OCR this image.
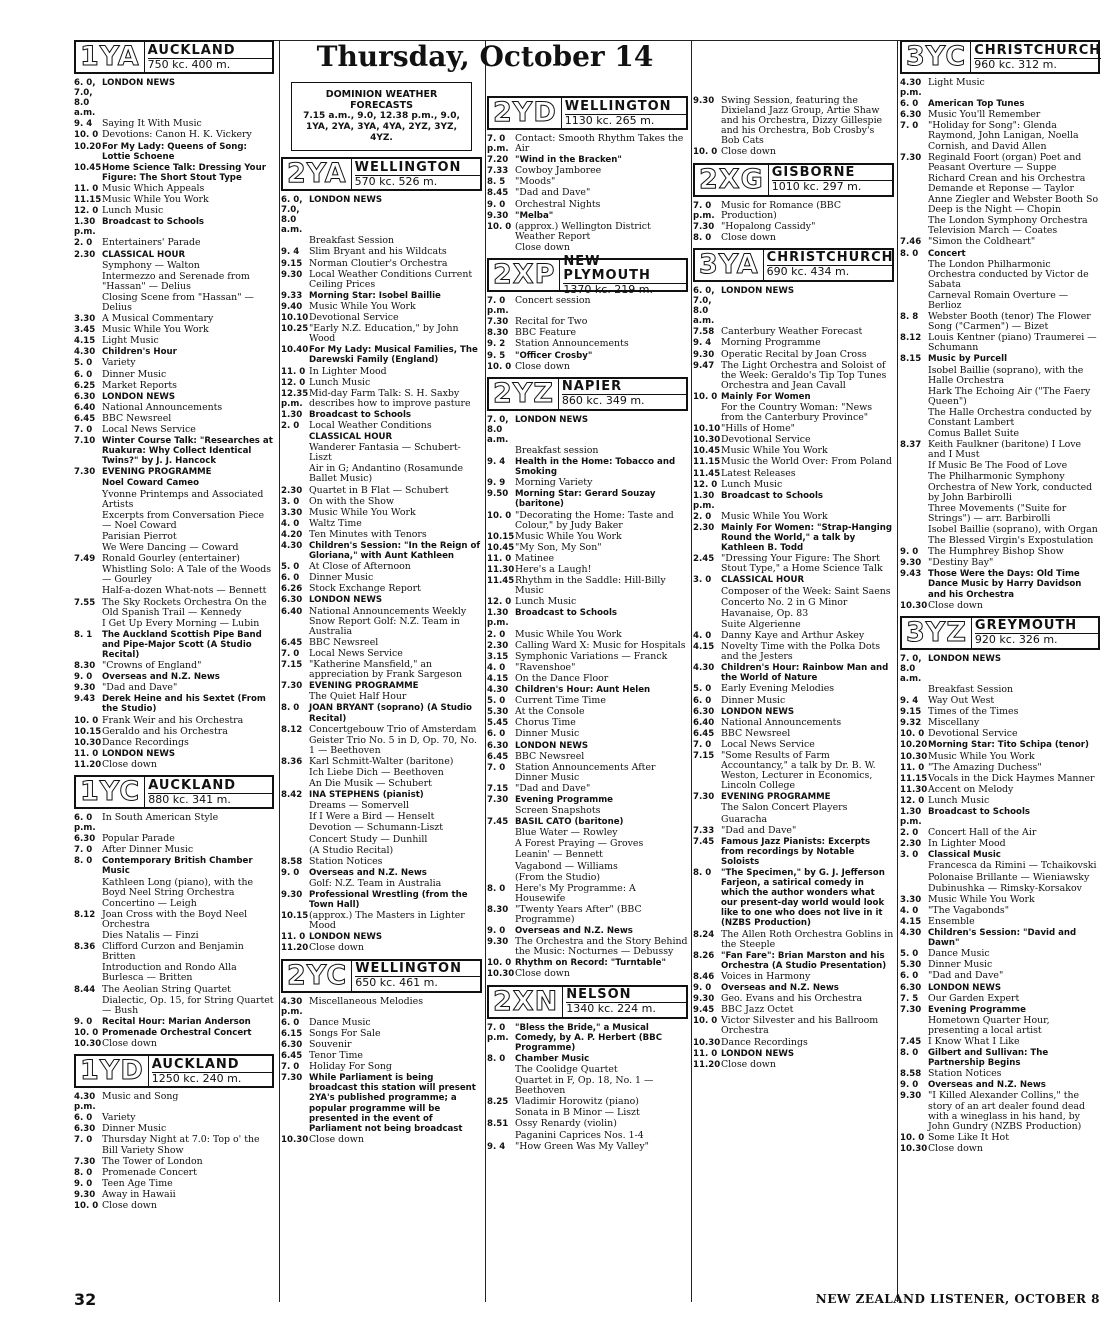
Thursday, October 14
1YA AUCKLAND
750 kc. 400 m.
6. 0, 7.0, 8.0 a.m.
LONDON NEWS
9. 4	Saying It With Music
10. 0 Devotions: Canon H. K. Vickery
10.20 For My Lady: Queens of Song: Lottie Schoene
10.45 Home Science Talk: Dressing Your Figure: The Short Stout Type
11. 0 Music Which Appeals
11.15 Music While You Work
12. 0 Lunch Music
1.30 p.m.
Broadcast to Schools
2. 0	Entertainers' Parade
2.30 CLASSICAL HOUR
Symphony — Walton
Intermezzo and Serenade from "Hassan" — Delius
Closing Scene from "Hassan" — Delius
3.30 A Musical Commentary
3.45 Music While You Work
4.15 Light Music
4.30 Children's Hour
5. 0	Variety
6. 0	Dinner Music
6.25 Market Reports
6.30 LONDON NEWS
6.40 National Announcements
6.45 BBC Newsreel
7. 0	Local News Service
7.10 Winter Course Talk: "Researches at Ruakura: Why Collect Identical Twins?" by J. J. Hancock
7.30 EVENING PROGRAMME
Noel Coward Cameo
Yvonne Printemps and Associated Artists
Excerpts from Conversation Piece — Noel Coward
Parisian Pierrot
We Were Dancing — Coward
7.49 Ronald Gourley (entertainer)
Whistling Solo: A Tale of the Woods — Gourley
Half-a-dozen What-nots — Bennett
7.55 The Sky Rockets Orchestra On the Old Spanish Trail — Kennedy
I Get Up Every Morning — Lubin
8. 1	The Auckland Scottish Pipe Band and Pipe-Major Scott (A Studio Recital)
8.30 "Crowns of England"
9. 0	Overseas and N.Z. News
9.30 "Dad and Dave"
9.43 Derek Heine and his Sextet (From the Studio)
10. 0 Frank Weir and his Orchestra
10.15 Geraldo and his Orchestra
10.30 Dance Recordings
11. 0 LONDON NEWS
11.20 Close down
1YC AUCKLAND
880 kc. 341 m.
6. 0 p.m.
In South American Style
6.30 Popular Parade
7. 0	After Dinner Music
8. 0	Contemporary British Chamber Music
Kathleen Long (piano), with the Boyd Neel String Orchestra
Concertino — Leigh
8.12 Joan Cross with the Boyd Neel Orchestra
Dies Natalis — Finzi
8.36 Clifford Curzon and Benjamin Britten
Introduction and Rondo Alla Burlesca — Britten
8.44 The Aeolian String Quartet
Dialectic, Op. 15, for String Quartet — Bush
9. 0	Recital Hour: Marian Anderson
10. 0 Promenade Orchestral Concert
10.30 Close down
1YD AUCKLAND
1250 kc. 240 m.
4.30 p.m.
Music and Song
6. 0	Variety
6.30 Dinner Music
7. 0	Thursday Night at 7.0: Top o' the Bill Variety Show
7.30 The Tower of London
8. 0	Promenade Concert
9. 0	Teen Age Time
9.30 Away in Hawaii
10. 0 Close down
DOMINION WEATHER FORECASTS
7.15 a.m., 9.0, 12.38 p.m., 9.0, 1YA, 2YA, 3YA, 4YA, 2YZ, 3YZ, 4YZ.
2YA WELLINGTON
570 kc. 526 m.
6. 0, 7.0, 8.0 a.m.
LONDON NEWS
Breakfast Session
9. 4	Slim Bryant and his Wildcats
9.15 Norman Cloutier's Orchestra
9.30 Local Weather Conditions Current Ceiling Prices
9.33 Morning Star: Isobel Baillie
9.40 Music While You Work
10.10 Devotional Service
10.25 "Early N.Z. Education," by John Wood
10.40 For My Lady: Musical Families, The Darewski Family (England)
11. 0 In Lighter Mood
12. 0 Lunch Music
12.35 p.m.
Mid-day Farm Talk: S. H. Saxby describes how to improve pasture
1.30 Broadcast to Schools
2. 0	Local Weather Conditions
CLASSICAL HOUR
Wanderer Fantasia — Schubert-Liszt
Air in G; Andantino (Rosamunde Ballet Music)
2.30 Quartet in B Flat — Schubert
3. 0	On with the Show
3.30 Music While You Work
4. 0	Waltz Time
4.20 Ten Minutes with Tenors
4.30 Children's Session: "In the Reign of Gloriana," with Aunt Kathleen
5. 0	At Close of Afternoon
6. 0	Dinner Music
6.26 Stock Exchange Report
6.30 LONDON NEWS
6.40 National Announcements Weekly Snow Report Golf: N.Z. Team in Australia
6.45 BBC Newsreel
7. 0	Local News Service
7.15 "Katherine Mansfield," an appreciation by Frank Sargeson
7.30 EVENING PROGRAMME
The Quiet Half Hour
8. 0	JOAN BRYANT (soprano) (A Studio Recital)
8.12 Concertgebouw Trio of Amsterdam
Geister Trio No. 5 in D, Op. 70, No. 1 — Beethoven
8.36 Karl Schmitt-Walter (baritone)
Ich Liebe Dich — Beethoven
An Die Musik — Schubert
8.42 INA STEPHENS (pianist)
Dreams — Somervell
If I Were a Bird — Henselt
Devotion — Schumann-Liszt
Concert Study — Dunhill
(A Studio Recital)
8.58 Station Notices
9. 0	Overseas and N.Z. News
Golf: N.Z. Team in Australia
9.30 Professional Wrestling (from the Town Hall)
10.15 (approx.) The Masters in Lighter Mood
11. 0 LONDON NEWS
11.20 Close down
2YC WELLINGTON
650 kc. 461 m.
4.30 p.m.
Miscellaneous Melodies
6. 0	Dance Music
6.15 Songs For Sale
6.30 Souvenir
6.45 Tenor Time
7. 0	Holiday For Song
7.30 While Parliament is being broadcast this station will present 2YA's published programme; a popular programme will be presented in the event of Parliament not being broadcast
10.30 Close down
2YD WELLINGTON
1130 kc. 265 m.
7. 0 p.m.
Contact: Smooth Rhythm Takes the Air
7.20 "Wind in the Bracken"
7.33 Cowboy Jamboree
8. 5	"Moods"
8.45 "Dad and Dave"
9. 0	Orchestral Nights
9.30 "Melba"
10. 0 (approx.) Wellington District Weather Report
Close down
2XP NEW PLYMOUTH
1370 kc. 219 m.
7. 0 p.m.
Concert session
7.30 Recital for Two
8.30 BBC Feature
9. 2	Station Announcements
9. 5	"Officer Crosby"
10. 0 Close down
2YZ NAPIER
860 kc. 349 m.
7. 0, 8.0 a.m.
LONDON NEWS
Breakfast session
9. 4	Health in the Home: Tobacco and Smoking
9. 9	Morning Variety
9.50 Morning Star: Gerard Souzay (baritone)
10. 0 "Decorating the Home: Taste and Colour," by Judy Baker
10.15 Music While You Work
10.45 "My Son, My Son"
11. 0 Matinee
11.30 Here's a Laugh!
11.45 Rhythm in the Saddle: Hill-Billy Music
12. 0 Lunch Music
1.30 p.m.
Broadcast to Schools
2. 0	Music While You Work
2.30 Calling Ward X: Music for Hospitals
3.15 Symphonic Variations — Franck
4. 0	"Ravenshoe"
4.15 On the Dance Floor
4.30 Children's Hour: Aunt Helen
5. 0	Current Time Time
5.30 At the Console
5.45 Chorus Time
6. 0	Dinner Music
6.30 LONDON NEWS
6.45 BBC Newsreel
7. 0	Station Announcements After Dinner Music
7.15 "Dad and Dave"
7.30 Evening Programme
Screen Snapshots
7.45 BASIL CATO (baritone)
Blue Water — Rowley
A Forest Praying — Groves
Leanin' — Bennett
Vagabond — Williams
(From the Studio)
8. 0	Here's My Programme: A Housewife
8.30 "Twenty Years After" (BBC Programme)
9. 0	Overseas and N.Z. News
9.30 The Orchestra and the Story Behind the Music: Nocturnes — Debussy
10. 0 Rhythm on Record: "Turntable"
10.30 Close down
2XN NELSON
1340 kc. 224 m.
7. 0 p.m.
"Bless the Bride," a Musical Comedy, by A. P. Herbert (BBC Programme)
8. 0	Chamber Music
The Coolidge Quartet
Quartet in F, Op. 18, No. 1 — Beethoven
8.25 Vladimir Horowitz (piano)
Sonata in B Minor — Liszt
8.51 Ossy Renardy (violin)
Paganini Caprices Nos. 1-4
9. 4	"How Green Was My Valley"
9.30 Swing Session, featuring the Dixieland Jazz Group, Artie Shaw and his Orchestra, Dizzy Gillespie and his Orchestra, Bob Crosby's Bob Cats
10. 0 Close down
2XG GISBORNE
1010 kc. 297 m.
7. 0 p.m.
Music for Romance (BBC Production)
7.30 "Hopalong Cassidy"
8. 0	Close down
3YA CHRISTCHURCH
690 kc. 434 m.
6. 0, 7.0, 8.0 a.m.
LONDON NEWS
7.58 Canterbury Weather Forecast
9. 4	Morning Programme
9.30 Operatic Recital by Joan Cross
9.47 The Light Orchestra and Soloist of the Week: Geraldo's Tip Top Tunes Orchestra and Jean Cavall
10. 0 Mainly For Women
For the Country Woman: "News from the Canterbury Province"
10.10 "Hills of Home"
10.30 Devotional Service
10.45 Music While You Work
11.15 Music the World Over: From Poland
11.45 Latest Releases
12. 0 Lunch Music
1.30 p.m.
Broadcast to Schools
2. 0	Music While You Work
2.30 Mainly For Women: "Strap-Hanging Round the World," a talk by Kathleen B. Todd
2.45 "Dressing Your Figure: The Short Stout Type," a Home Science Talk
3. 0	CLASSICAL HOUR
Composer of the Week: Saint Saens
Concerto No. 2 in G Minor
Havanaise, Op. 83
Suite Algerienne
4. 0	Danny Kaye and Arthur Askey
4.15 Novelty Time with the Polka Dots and the Jesters
4.30 Children's Hour: Rainbow Man and the World of Nature
5. 0	Early Evening Melodies
6. 0	Dinner Music
6.30 LONDON NEWS
6.40 National Announcements
6.45 BBC Newsreel
7. 0	Local News Service
7.15 "Some Results of Farm Accountancy," a talk by Dr. B. W. Weston, Lecturer in Economics, Lincoln College
7.30 EVENING PROGRAMME
The Salon Concert Players
Guaracha
7.33 "Dad and Dave"
7.45 Famous Jazz Pianists: Excerpts from recordings by Notable Soloists
8. 0	"The Specimen," by G. J. Jefferson Farjeon, a satirical comedy in which the author wonders what our present-day world would look like to one who does not live in it (NZBS Production)
8.24 The Allen Roth Orchestra Goblins in the Steeple
8.26 "Fan Fare": Brian Marston and his Orchestra (A Studio Presentation)
8.46 Voices in Harmony
9. 0	Overseas and N.Z. News
9.30 Geo. Evans and his Orchestra
9.45 BBC Jazz Octet
10. 0 Victor Silvester and his Ballroom Orchestra
10.30 Dance Recordings
11. 0 LONDON NEWS
11.20 Close down
3YC CHRISTCHURCH
960 kc. 312 m.
4.30 p.m.
Light Music
6. 0	American Top Tunes
6.30 Music You'll Remember
7. 0	"Holiday for Song": Glenda Raymond, John Lanigan, Noella Cornish, and David Allen
7.30 Reginald Foort (organ) Poet and Peasant Overture — Suppe
Richard Crean and his Orchestra Demande et Reponse — Taylor
Anne Ziegler and Webster Booth So Deep is the Night — Chopin
The London Symphony Orchestra Television March — Coates
7.46 "Simon the Coldheart"
8. 0	Concert
The London Philharmonic Orchestra conducted by Victor de Sabata
Carneval Romain Overture — Berlioz
8. 8	Webster Booth (tenor) The Flower Song ("Carmen") — Bizet
8.12 Louis Kentner (piano) Traumerei — Schumann
8.15 Music by Purcell
Isobel Baillie (soprano), with the Halle Orchestra
Hark The Echoing Air ("The Faery Queen")
The Halle Orchestra conducted by Constant Lambert
Comus Ballet Suite
8.37 Keith Faulkner (baritone) I Love and I Must
If Music Be The Food of Love
The Philharmonic Symphony Orchestra of New York, conducted by John Barbirolli
Three Movements ("Suite for Strings") — arr. Barbirolli
Isobel Baillie (soprano), with Organ
The Blessed Virgin's Expostulation
9. 0	The Humphrey Bishop Show
9.30 "Destiny Bay"
9.43 Those Were the Days: Old Time Dance Music by Harry Davidson and his Orchestra
10.30 Close down
3YZ GREYMOUTH
920 kc. 326 m.
7. 0, 8.0 a.m.
LONDON NEWS
Breakfast Session
9. 4	Way Out West
9.15 Times of the Times
9.32 Miscellany
10. 0 Devotional Service
10.20 Morning Star: Tito Schipa (tenor)
10.30 Music While You Work
11. 0 "The Amazing Duchess"
11.15 Vocals in the Dick Haymes Manner
11.30 Accent on Melody
12. 0 Lunch Music
1.30 p.m.
Broadcast to Schools
2. 0	Concert Hall of the Air
2.30 In Lighter Mood
3. 0	Classical Music
Francesca da Rimini — Tchaikovski
Polonaise Brillante — Wieniawsky
Dubinushka — Rimsky-Korsakov
3.30 Music While You Work
4. 0	"The Vagabonds"
4.15 Ensemble
4.30 Children's Session: "David and Dawn"
5. 0	Dance Music
5.30 Dinner Music
6. 0	"Dad and Dave"
6.30 LONDON NEWS
7. 5	Our Garden Expert
7.30 Evening Programme
Hometown Quarter Hour, presenting a local artist
7.45 I Know What I Like
8. 0	Gilbert and Sullivan: The Partnership Begins
8.58 Station Notices
9. 0	Overseas and N.Z. News
9.30 "I Killed Alexander Collins," the story of an art dealer found dead with a wineglass in his hand, by John Gundry (NZBS Production)
10. 0 Some Like It Hot
10.30 Close down
32	NEW ZEALAND LISTENER, OCTOBER 8
